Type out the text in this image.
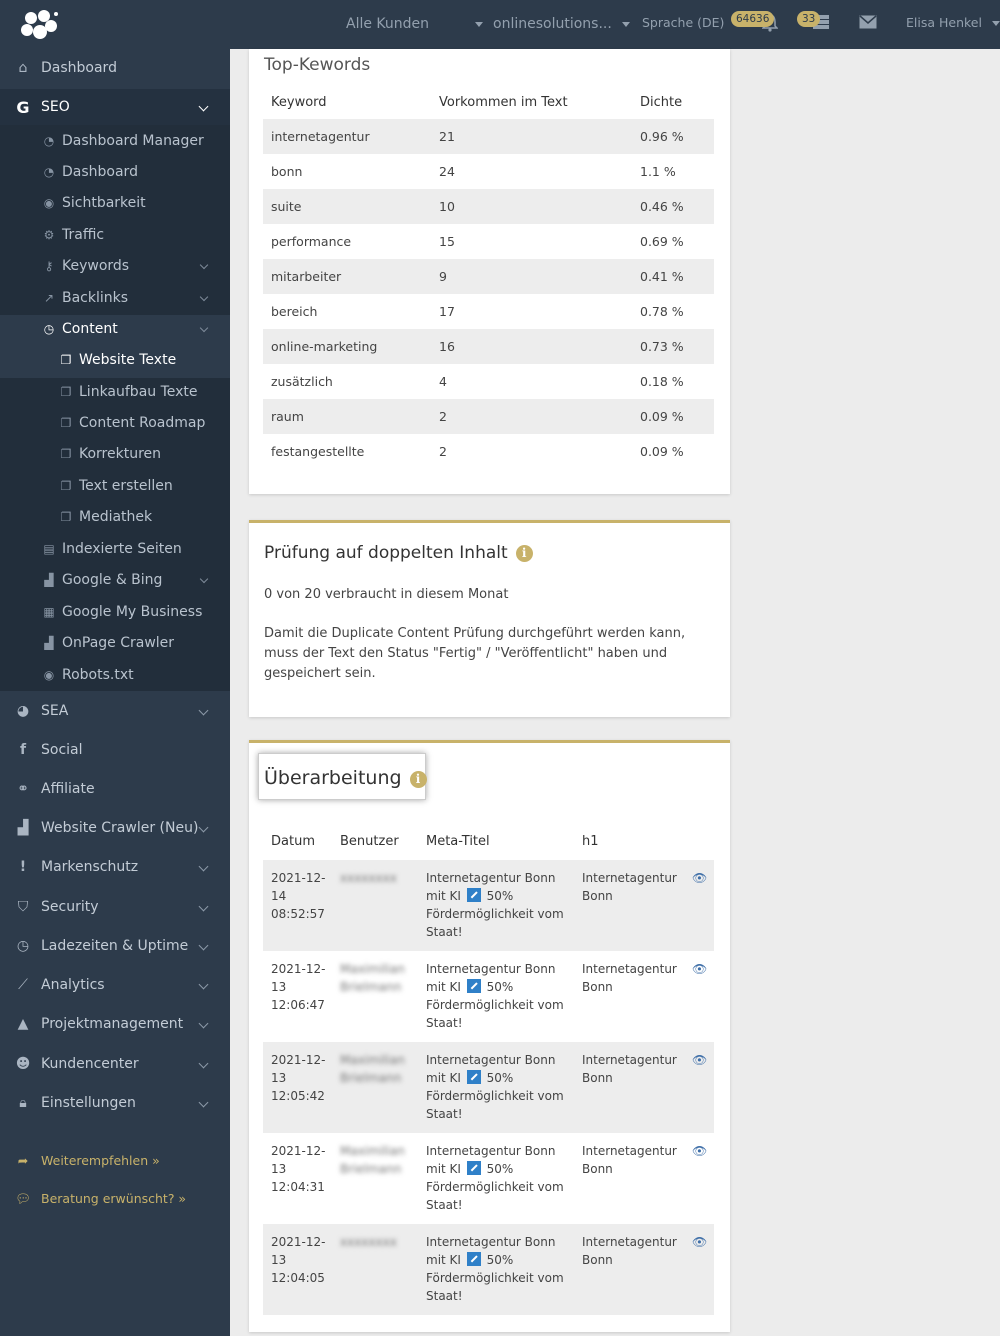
Alle Kunden	onlinesolutions...	Sprache (DE)	64636	33	Elisa Henkel
⌂ Dashboard
G SEO
◔ Dashboard Manager
◔ Dashboard
◉ Sichtbarkeit
⚙ Traffic
⚷ Keywords
↗ Backlinks
◷ Content
❐ Website Texte
❐ Linkaufbau Texte
❐ Content Roadmap
❐ Korrekturen
❐ Text erstellen
❐ Mediathek
▤ Indexierte Seiten
▟ Google & Bing
▦ Google My Business
▟ OnPage Crawler
◉ Robots.txt
◕ SEA
f	Social
⚭ Affiliate
▟ Website Crawler (Neu)
!	Markenschutz
⛉ Security
◷ Ladezeiten & Uptime
⟋ Analytics
▲ Projektmanagement
☻ Kundencenter
🔒︎	Einstellungen
➦ Weiterempfehlen »
💬︎ Beratung erwünscht? »
Top-Kewords
Keyword	Vorkommen im Text	Dichte
internetagentur	21	0.96 %
bonn	24	1.1 %
suite	10	0.46 %
performance	15	0.69 %
mitarbeiter	9	0.41 %
bereich	17	0.78 %
online-marketing	16	0.73 %
zusätzlich	4	0.18 %
raum	2	0.09 %
festangestellte	2	0.09 %
Prüfung auf doppelten Inhalt i
0 von 20 verbraucht in diesem Monat
Damit die Duplicate Content Prüfung durchgeführt werden kann, muss der Text den Status "Fertig" / "Veröffentlicht" haben und gespeichert sein.
Überarbeitung i
Datum	Benutzer	Meta-Titel	h1	
2021-12-14
08:52:57	xxxxxxxx	Internetagentur Bonn mit KI 50% Fördermöglichkeit vom Staat!	Internetagentur Bonn	👁︎
2021-12-13
12:06:47	Maximilian Brielmann	Internetagentur Bonn mit KI 50% Fördermöglichkeit vom Staat!	Internetagentur Bonn	👁︎
2021-12-13
12:05:42	Maximilian Brielmann	Internetagentur Bonn mit KI 50% Fördermöglichkeit vom Staat!	Internetagentur Bonn	👁︎
2021-12-13
12:04:31	Maximilian Brielmann	Internetagentur Bonn mit KI 50% Fördermöglichkeit vom Staat!	Internetagentur Bonn	👁︎
2021-12-13
12:04:05	xxxxxxxx	Internetagentur Bonn mit KI 50% Fördermöglichkeit vom Staat!	Internetagentur Bonn	👁︎
